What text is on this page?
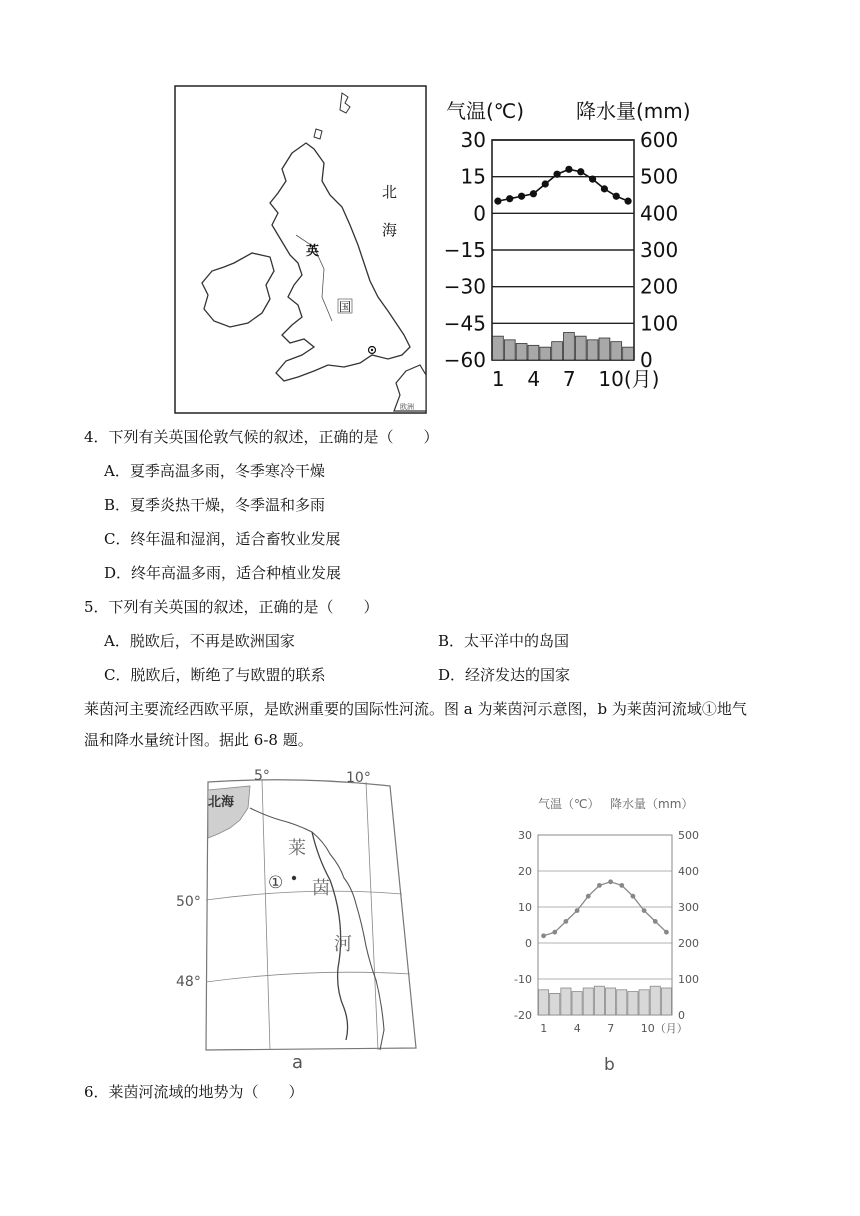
北
海
英
国
欧洲
气温(℃)	降水量(mm)
30
15
0
−15
−30
−45
−60
600
500
400
300
200
100
0
1 4 7 10(月)
4．下列有关英国伦敦气候的叙述，正确的是（　　）
A．夏季高温多雨，冬季寒冷干燥
B．夏季炎热干燥，冬季温和多雨
C．终年温和湿润，适合畜牧业发展
D．终年高温多雨，适合种植业发展
5．下列有关英国的叙述，正确的是（　　）
A．脱欧后，不再是欧洲国家	B．太平洋中的岛国
C．脱欧后，断绝了与欧盟的联系	D．经济发达的国家
莱茵河主要流经西欧平原，是欧洲重要的国际性河流。图 a 为莱茵河示意图，b 为莱茵河流域①地气
温和降水量统计图。据此 6-8 题。
①
北海
5°	10°
50°
48°
莱
茵
河
a
气温（℃） 降水量（mm）
30
20
10
0
-10
-20
500
400
300
200
100
0
1 4 7 10（月）
b
6．莱茵河流域的地势为（　　）
